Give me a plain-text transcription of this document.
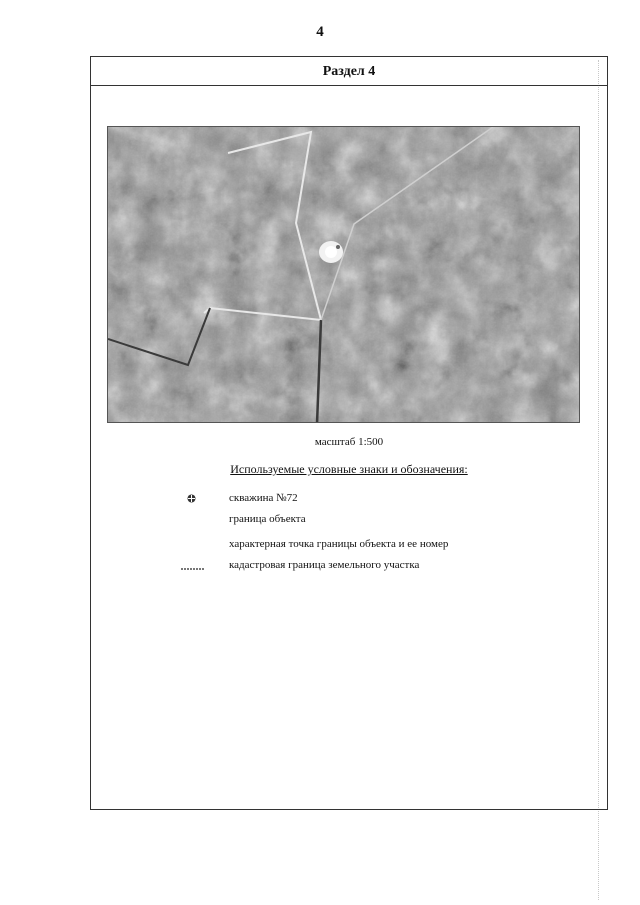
4
Раздел 4
масштаб 1:500
Используемые условные знаки и обозначения:
скважина №72
граница объекта
характерная точка границы объекта и ее номер
кадастровая граница земельного участка
